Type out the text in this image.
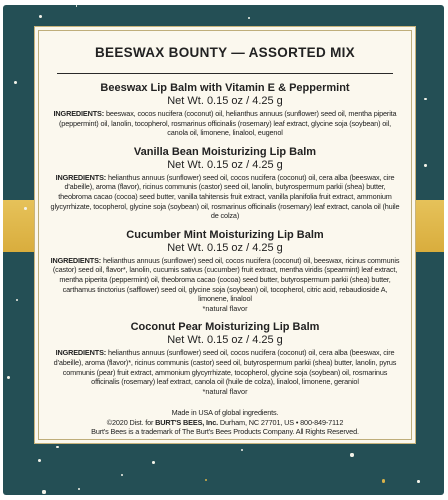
BEESWAX BOUNTY — ASSORTED MIX
Beeswax Lip Balm with Vitamin E & Peppermint
Net Wt. 0.15 oz / 4.25 g
INGREDIENTS: beeswax, cocos nucifera (coconut) oil, helianthus annuus (sunflower) seed oil, mentha piperita (peppermint) oil, lanolin, tocopherol, rosmarinus officinalis (rosemary) leaf extract, glycine soja (soybean) oil, canola oil, limonene, linalool, eugenol
Vanilla Bean Moisturizing Lip Balm
Net Wt. 0.15 oz / 4.25 g
INGREDIENTS: helianthus annuus (sunflower) seed oil, cocos nucifera (coconut) oil, cera alba (beeswax, cire d'abeille), aroma (flavor), ricinus communis (castor) seed oil, lanolin, butyrospermum parkii (shea) butter, theobroma cacao (cocoa) seed butter, vanilla tahitensis fruit extract, vanilla planifolia fruit extract, ammonium glycyrrhizate, tocopherol, glycine soja (soybean) oil, rosmarinus officinalis (rosemary) leaf extract, canola oil (huile de colza)
Cucumber Mint Moisturizing Lip Balm
Net Wt. 0.15 oz / 4.25 g
INGREDIENTS: helianthus annuus (sunflower) seed oil, cocos nucifera (coconut) oil, beeswax, ricinus communis (castor) seed oil, flavor*, lanolin, cucumis sativus (cucumber) fruit extract, mentha viridis (spearmint) leaf extract, mentha piperita (peppermint) oil, theobroma cacao (cocoa) seed butter, butyrospermum parkii (shea) butter, carthamus tinctorius (safflower) seed oil, glycine soja (soybean) oil, tocopherol, citric acid, rebaudioside A, limonene, linalool
*natural flavor
Coconut Pear Moisturizing Lip Balm
Net Wt. 0.15 oz / 4.25 g
INGREDIENTS: helianthus annuus (sunflower) seed oil, cocos nucifera (coconut) oil, cera alba (beeswax, cire d'abeille), aroma (flavor)*, ricinus communis (castor) seed oil, butyrospermum parkii (shea) butter, lanolin, pyrus communis (pear) fruit extract, ammonium glycyrrhizate, tocopherol, glycine soja (soybean) oil, rosmarinus officinalis (rosemary) leaf extract, canola oil (huile de colza), linalool, limonene, geraniol
*natural flavor
Made in USA of global ingredients.
©2020 Dist. for BURT'S BEES, Inc. Durham, NC 27701, US • 800-849-7112
Burt's Bees is a trademark of The Burt's Bees Products Company. All Rights Reserved.
